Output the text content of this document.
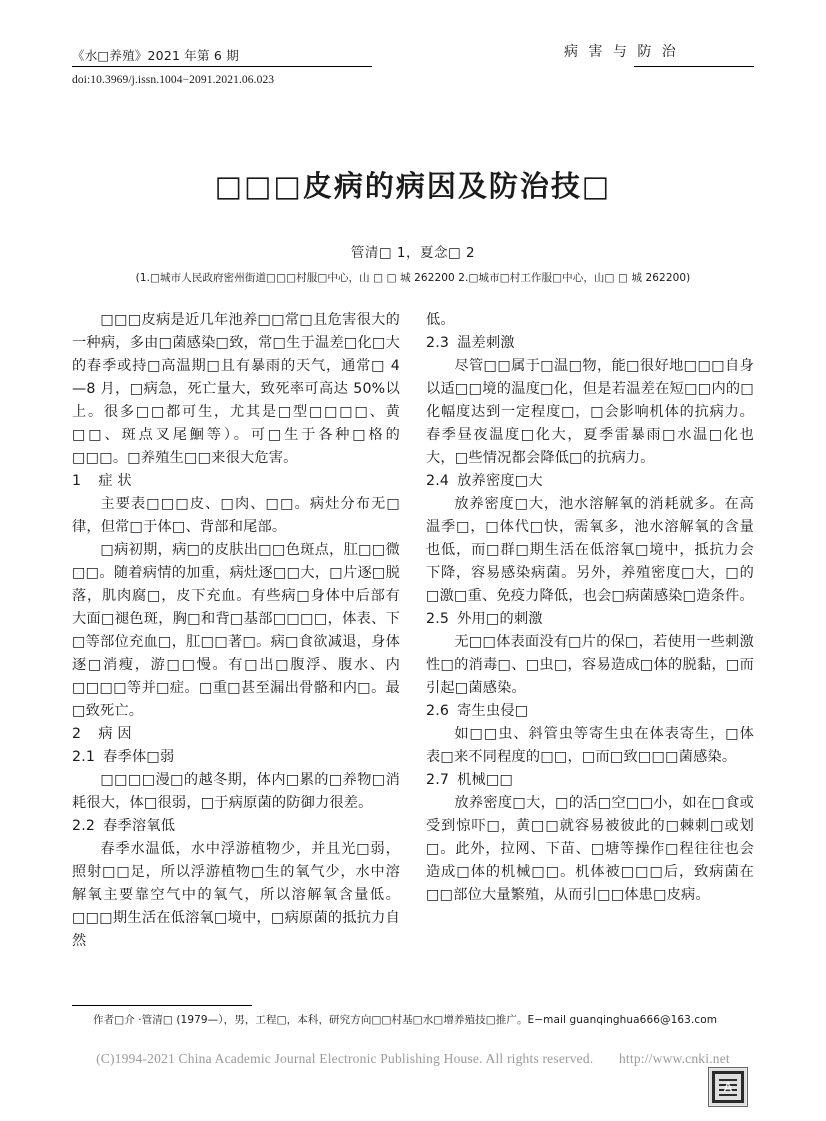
《水□养殖》2021 年第 6 期	病 害 与 防 治
doi:10.3969/j.issn.1004−2091.2021.06.023
□□□皮病的病因及防治技□
管清□ 1，夏念□ 2
(1.□城市人民政府密州街道□□□村服□中心，山 □ □ 城 262200 2.□城市□村工作服□中心，山□ □ 城 262200)

□□□皮病是近几年池养□□常□且危害很大的一种病，多由□菌感染□致，常□生于温差□化□大的春季或持□高温期□且有暴雨的天气，通常□ 4—8 月，□病急，死亡量大，致死率可高达 50%以上。很多□□都可生，尤其是□型□□□□、黄□□、斑点叉尾鮰等）。可□生于各种□格的□□□。□养殖生□□来很大危害。

1 症 状

主要表□□□皮、□肉、□□。病灶分布无□律，但常□于体□、背部和尾部。

□病初期，病□的皮肤出□□色斑点，肛□□微□□。随着病情的加重，病灶逐□□大，□片逐□脱落，肌肉腐□，皮下充血。有些病□身体中后部有大面□褪色斑，胸□和背□基部□□□□，体表、下□等部位充血□，肛□□著□。病□食欲减退，身体逐□消瘦，游□□慢。有□出□腹浮、腹水、内□□□□等并□症。□重□甚至漏出骨骼和内□。最□致死亡。

2 病 因
2.1 春季体□弱

□□□□漫□的越冬期，体内□累的□养物□消耗很大，体□很弱，□于病原菌的防御力很差。

2.2 春季溶氧低

春季水温低，水中浮游植物少，并且光□弱，照射□□足，所以浮游植物□生的氧气少，水中溶解氧主要靠空气中的氧气，所以溶解氧含量低。□□□期生活在低溶氧□境中，□病原菌的抵抗力自然

低。

2.3 温差刺激

尽管□□属于□温□物，能□很好地□□□自身以适□□境的温度□化，但是若温差在短□□内的□化幅度达到一定程度□，□会影响机体的抗病力。春季昼夜温度□化大，夏季雷暴雨□水温□化也大，□些情况都会降低□的抗病力。

2.4 放养密度□大

放养密度□大，池水溶解氧的消耗就多。在高温季□，□体代□快，需氧多，池水溶解氧的含量也低，而□群□期生活在低溶氧□境中，抵抗力会下降，容易感染病菌。另外，养殖密度□大，□的□激□重、免疫力降低，也会□病菌感染□造条件。

2.5 外用□的刺激

无□□体表面没有□片的保□，若使用一些刺激性□的消毒□、□虫□，容易造成□体的脱黏，□而引起□菌感染。

2.6 寄生虫侵□

如□□虫、斜管虫等寄生虫在体表寄生，□体表□来不同程度的□□，□而□致□□□菌感染。

2.7 机械□□

放养密度□大，□的活□空□□小，如在□食或受到惊吓□，黄□□就容易被彼此的□棘刺□或划□。此外，拉网、下苗、□塘等操作□程往往也会造成□体的机械□□。机体被□□□后，致病菌在□□部位大量繁殖，从而引□□体患□皮病。

作者□介 ·管清□ (1979—），男，工程□，本科，研究方向□□村基□水□增养殖技□推广。E−mail guanqinghua666@163.com
(C)1994-2021 China Academic Journal Electronic Publishing House. All rights reserved. http://www.cnki.net
A
